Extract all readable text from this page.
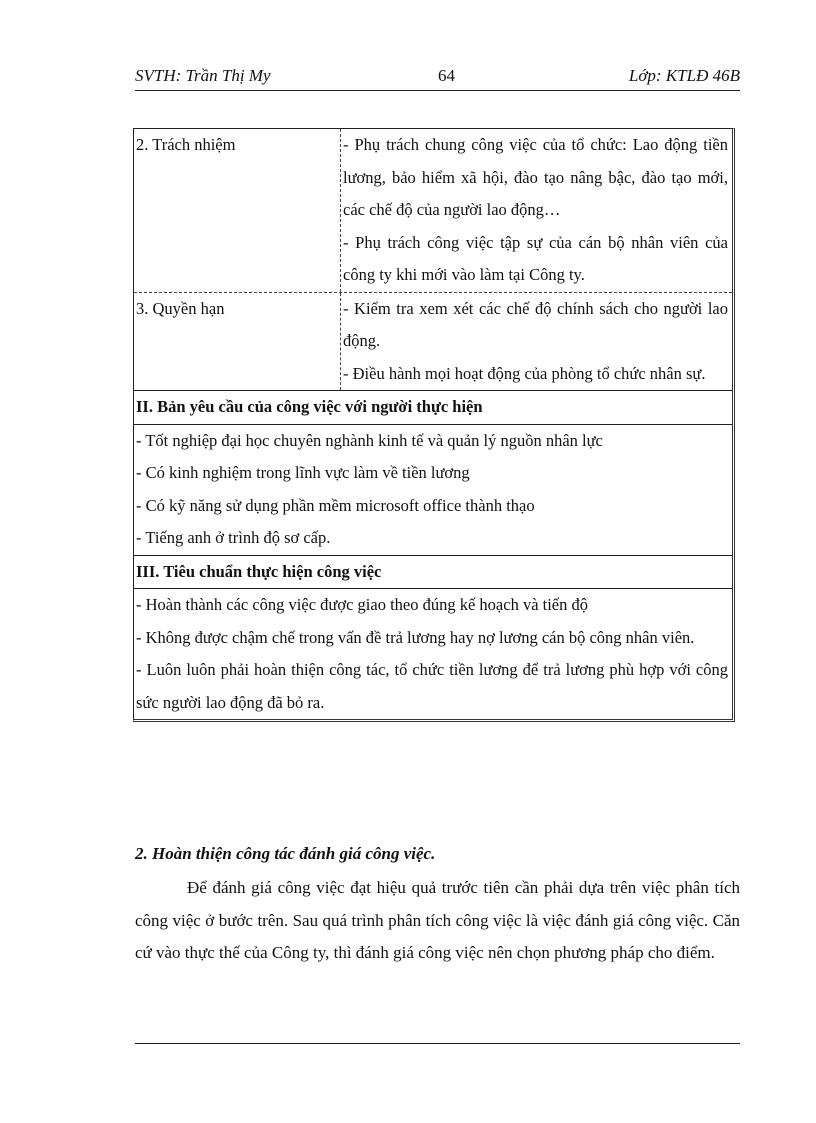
SVTH: Trần Thị My	64	Lớp: KTLĐ 46B
2. Trách nhiệm	- Phụ trách chung công việc của tổ chức: Lao động tiền lương, bảo hiểm xã hội, đào tạo nâng bậc, đào tạo mới, các chế độ của người lao động…

- Phụ trách công việc tập sự của cán bộ nhân viên của công ty khi mới vào làm tại Công ty.

3. Quyền hạn	- Kiểm tra xem xét các chế độ chính sách cho người lao động.

- Điều hành mọi hoạt động của phòng tổ chức nhân sự.

II. Bản yêu cầu của công việc với người thực hiện

- Tốt nghiệp đại học chuyên nghành kinh tế và quản lý nguồn nhân lực

- Có kinh nghiệm trong lĩnh vực làm về tiền lương

- Có kỹ năng sử dụng phần mềm microsoft office thành thạo

- Tiếng anh ở trình độ sơ cấp.

III. Tiêu chuẩn thực hiện công việc

- Hoàn thành các công việc được giao theo đúng kế hoạch và tiến độ

- Không được chậm chế trong vấn đề trả lương hay nợ lương cán bộ công nhân viên.

- Luôn luôn phải hoàn thiện công tác, tổ chức tiền lương để trả lương phù hợp với công sức người lao động đã bỏ ra.

2. Hoàn thiện công tác đánh giá công việc.
Để đánh giá công việc đạt hiệu quả trước tiên cần phải dựa trên việc phân tích công việc ở bước trên. Sau quá trình phân tích công việc là việc đánh giá công việc. Căn cứ vào thực thế của Công ty, thì đánh giá công việc nên chọn phương pháp cho điểm.
